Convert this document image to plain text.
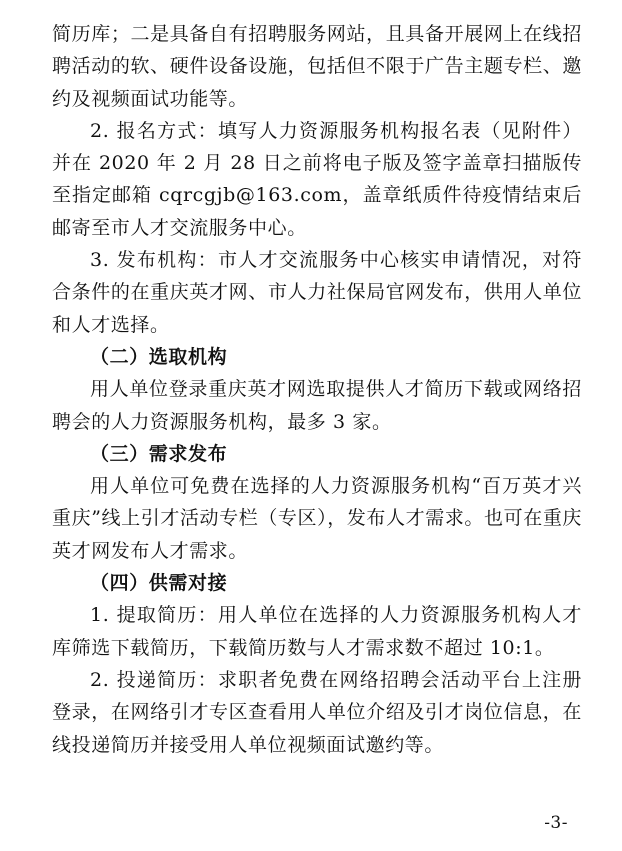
简历库；二是具备自有招聘服务网站，且具备开展网上在线招聘活动的软、硬件设备设施，包括但不限于广告主题专栏、邀约及视频面试功能等。

2. 报名方式：填写人力资源服务机构报名表（见附件）并在 2020 年 2 月 28 日之前将电子版及签字盖章扫描版传至指定邮箱 cqrcgjb@163.com，盖章纸质件待疫情结束后邮寄至市人才交流服务中心。

3. 发布机构：市人才交流服务中心核实申请情况，对符合条件的在重庆英才网、市人力社保局官网发布，供用人单位和人才选择。

（二）选取机构

用人单位登录重庆英才网选取提供人才简历下载或网络招聘会的人力资源服务机构，最多 3 家。

（三）需求发布

用人单位可免费在选择的人力资源服务机构“百万英才兴重庆”线上引才活动专栏（专区），发布人才需求。也可在重庆英才网发布人才需求。

（四）供需对接

1. 提取简历：用人单位在选择的人力资源服务机构人才库筛选下载简历，下载简历数与人才需求数不超过 10:1。

2. 投递简历：求职者免费在网络招聘会活动平台上注册登录，在网络引才专区查看用人单位介绍及引才岗位信息，在线投递简历并接受用人单位视频面试邀约等。

-3-
